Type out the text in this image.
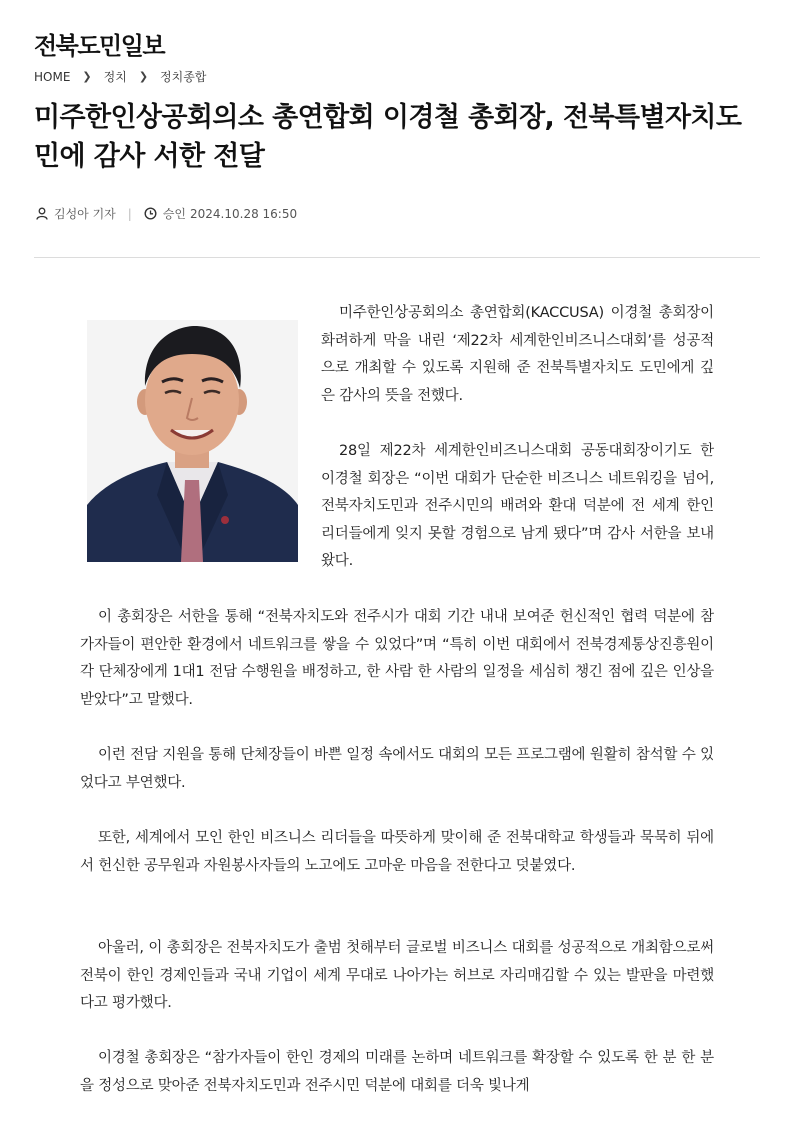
전북도민일보
HOME ❯ 정치 ❯ 정치종합
미주한인상공회의소 총연합회 이경철 총회장, 전북특별자치도민에 감사 서한 전달
김성아 기자 |	승인 2024.10.28 16:50

미주한인상공회의소 총연합회(KACCUSA) 이경철 총회장이 화려하게 막을 내린 ‘제22차 세계한인비즈니스대회’를 성공적으로 개최할 수 있도록 지원해 준 전북특별자치도 도민에게 깊은 감사의 뜻을 전했다.

28일 제22차 세계한인비즈니스대회 공동대회장이기도 한 이경철 회장은 “이번 대회가 단순한 비즈니스 네트워킹을 넘어, 전북자치도민과 전주시민의 배려와 환대 덕분에 전 세계 한인 리더들에게 잊지 못할 경험으로 남게 됐다”며 감사 서한을 보내왔다.

이 총회장은 서한을 통해 “전북자치도와 전주시가 대회 기간 내내 보여준 헌신적인 협력 덕분에 참가자들이 편안한 환경에서 네트워크를 쌓을 수 있었다”며 “특히 이번 대회에서 전북경제통상진흥원이 각 단체장에게 1대1 전담 수행원을 배정하고, 한 사람 한 사람의 일정을 세심히 챙긴 점에 깊은 인상을 받았다”고 말했다.

이런 전담 지원을 통해 단체장들이 바쁜 일정 속에서도 대회의 모든 프로그램에 원활히 참석할 수 있었다고 부연했다.

또한, 세계에서 모인 한인 비즈니스 리더들을 따뜻하게 맞이해 준 전북대학교 학생들과 묵묵히 뒤에서 헌신한 공무원과 자원봉사자들의 노고에도 고마운 마음을 전한다고 덧붙였다.

아울러, 이 총회장은 전북자치도가 출범 첫해부터 글로벌 비즈니스 대회를 성공적으로 개최함으로써 전북이 한인 경제인들과 국내 기업이 세계 무대로 나아가는 허브로 자리매김할 수 있는 발판을 마련했다고 평가했다.

이경철 총회장은 “참가자들이 한인 경제의 미래를 논하며 네트워크를 확장할 수 있도록 한 분 한 분을 정성으로 맞아준 전북자치도민과 전주시민 덕분에 대회를 더욱 빛나게
